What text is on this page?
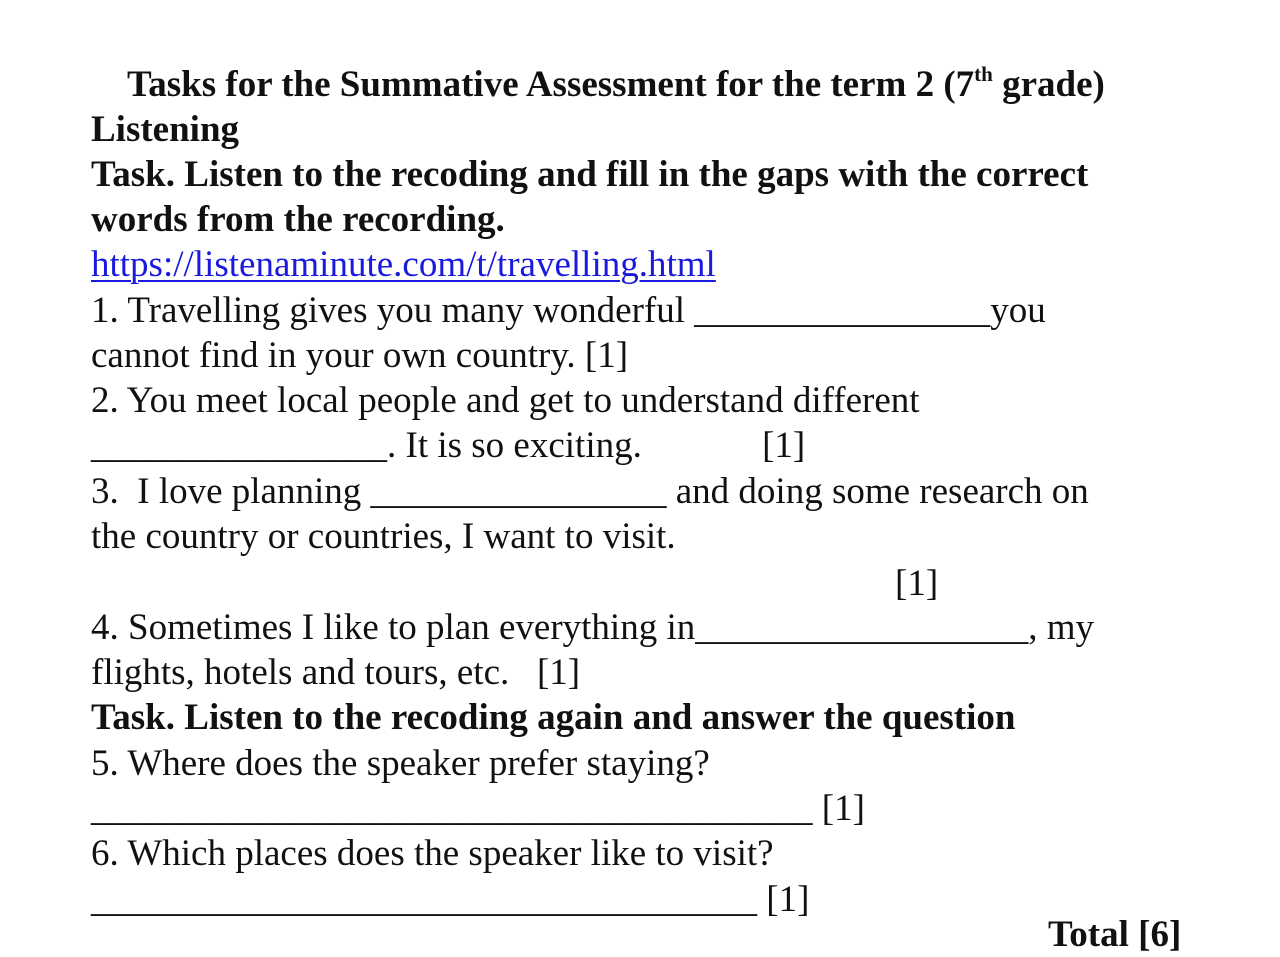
Tasks for the Summative Assessment for the term 2 (7th grade)
Listening
Task. Listen to the recoding and fill in the gaps with the correct
words from the recording.
https://listenaminute.com/t/travelling.html
1. Travelling gives you many wonderful ________________you
cannot find in your own country. [1]
2. You meet local people and get to understand different
________________. It is so exciting.             [1]
3.  I love planning ________________ and doing some research on
the country or countries, I want to visit.
[1]
4. Sometimes I like to plan everything in__________________, my
flights, hotels and tours, etc.   [1]
Task. Listen to the recoding again and answer the question
5. Where does the speaker prefer staying?
_______________________________________ [1]
6. Which places does the speaker like to visit?
____________________________________ [1]
Total [6]
